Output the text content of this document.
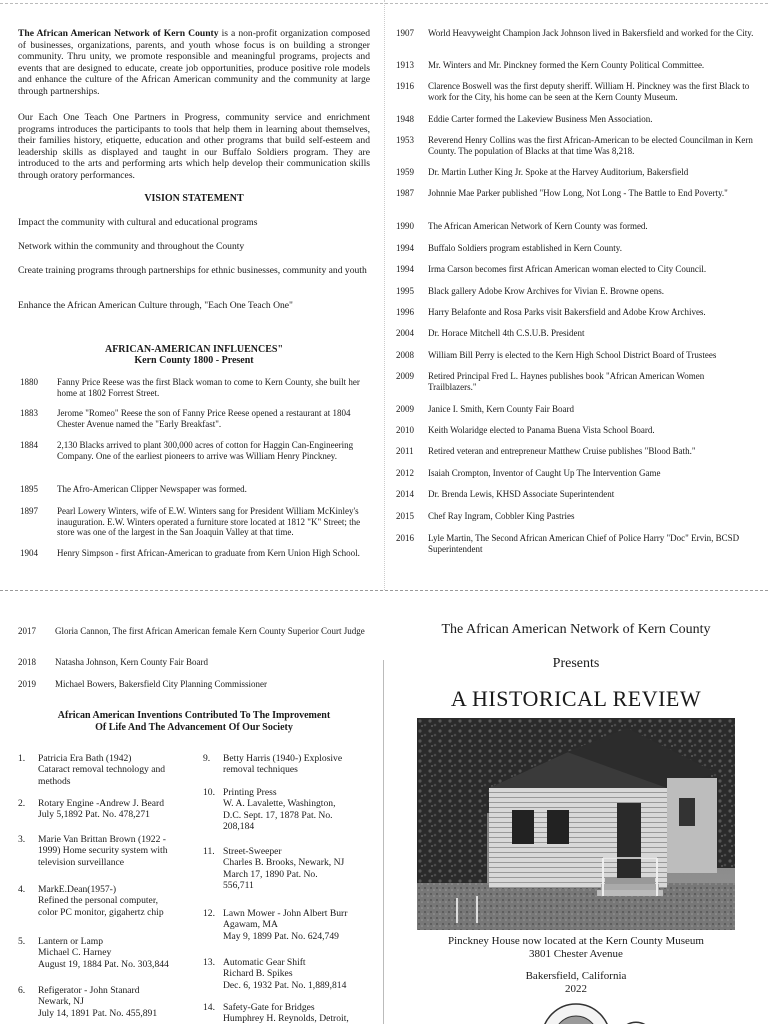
The African American Network of Kern County is a non-profit organization composed of businesses, organizations, parents, and youth whose focus is on building a stronger community. Thru unity, we promote responsible and meaningful programs, projects and events that are designed to educate, create job opportunities, produce positive role models and enhance the culture of the African American community and the community at large through partnerships.

Our Each One Teach One Partners in Progress, community service and enrichment programs introduces the participants to tools that help them in learning about themselves, their families history, etiquette, education and other programs that build self-esteem and leadership skills as displayed and taught in our Buffalo Soldiers program. They are introduced to the arts and performing arts which help develop their communication skills through oratory performances.

VISION STATEMENT

Impact the community with cultural and educational programs

Network within the community and throughout the County

Create training programs through partnerships for ethnic businesses, community and youth

Enhance the African American Culture through, "Each One Teach One"

AFRICAN-AMERICAN INFLUENCES"
Kern County 1800 - Present
1880	Fanny Price Reese was the first Black woman to come to Kern County, she built her home at 1802 Forrest Street.
1883	Jerome "Romeo" Reese the son of Fanny Price Reese opened a restaurant at 1804 Chester Avenue named the "Early Breakfast".
1884	2,130 Blacks arrived to plant 300,000 acres of cotton for Haggin Can-Engineering Company. One of the earliest pioneers to arrive was William Henry Pinckney.
1895	The Afro-American Clipper Newspaper was formed.
1897	Pearl Lowery Winters, wife of E.W. Winters sang for President William McKinley's inauguration. E.W. Winters operated a furniture store located at 1812 "K" Street; the store was one of the largest in the San Joaquin Valley at that time.
1904	Henry Simpson - first African-American to graduate from Kern Union High School.
1907	World Heavyweight Champion Jack Johnson lived in Bakersfield and worked for the City.
1913	Mr. Winters and Mr. Pinckney formed the Kern County Political Committee.
1916	Clarence Boswell was the first deputy sheriff. William H. Pinckney was the first Black to work for the City, his home can be seen at the Kern County Museum.
1948	Eddie Carter formed the Lakeview Business Men Association.
1953	Reverend Henry Collins was the first African-American to be elected Councilman in Kern County. The population of Blacks at that time Was 8,218.
1959	Dr. Martin Luther King Jr. Spoke at the Harvey Auditorium, Bakersfield
1987	Johnnie Mae Parker published "How Long, Not Long - The Battle to End Poverty."
1990	The African American Network of Kern County was formed.
1994	Buffalo Soldiers program established in Kern County.
1994	Irma Carson becomes first African American woman elected to City Council.
1995	Black gallery Adobe Krow Archives for Vivian E. Browne opens.
1996	Harry Belafonte and Rosa Parks visit Bakersfield and Adobe Krow Archives.
2004	Dr. Horace Mitchell 4th C.S.U.B. President
2008	William Bill Perry is elected to the Kern High School District Board of Trustees
2009	Retired Principal Fred L. Haynes publishes book "African American Women Trailblazers."
2009	Janice I. Smith, Kern County Fair Board
2010	Keith Wolaridge elected to Panama Buena Vista School Board.
2011	Retired veteran and entrepreneur Matthew Cruise publishes "Blood Bath."
2012	Isaiah Crompton, Inventor of Caught Up The Intervention Game
2014	Dr. Brenda Lewis, KHSD Associate Superintendent
2015	Chef Ray Ingram, Cobbler King Pastries
2016	Lyle Martin, The Second African American Chief of Police Harry "Doc" Ervin, BCSD Superintendent
2017	Gloria Cannon, The first African American female Kern County Superior Court Judge
2018	Natasha Johnson, Kern County Fair Board
2019	Michael Bowers, Bakersfield City Planning Commissioner
African American Inventions Contributed To The Improvement
Of Life And The Advancement Of Our Society
1.	Patricia Era Bath (1942)
Cataract removal technology and
methods
2.	Rotary Engine -Andrew J. Beard
July 5,1892 Pat. No. 478,271
3.	Marie Van Brittan Brown (1922 -
1999) Home security system with
television surveillance
4.	MarkE.Dean(1957-)
Refined the personal computer,
color PC monitor, gigahertz chip
5.	Lantern or Lamp
Michael C. Harney
August 19, 1884 Pat. No. 303,844
6.	Refigerator - John Stanard
Newark, NJ
July 14, 1891 Pat. No. 455,891
9.	Betty Harris (1940-) Explosive
removal techniques
10. Printing Press
W. A. Lavalette, Washington,
D.C. Sept. 17, 1878 Pat. No.
208,184
11. Street-Sweeper
Charles B. Brooks, Newark, NJ
March 17, 1890 Pat. No.
556,711
12. Lawn Mower - John Albert Burr
Agawam, MA
May 9, 1899 Pat. No. 624,749
13. Automatic Gear Shift
Richard B. Spikes
Dec. 6, 1932 Pat. No. 1,889,814
14. Safety-Gate for Bridges
Humphrey H. Reynolds, Detroit,
The African American Network of Kern County
Presents
A HISTORICAL REVIEW
Pinckney House now located at the Kern County Museum
3801 Chester Avenue
Bakersfield, California
2022
